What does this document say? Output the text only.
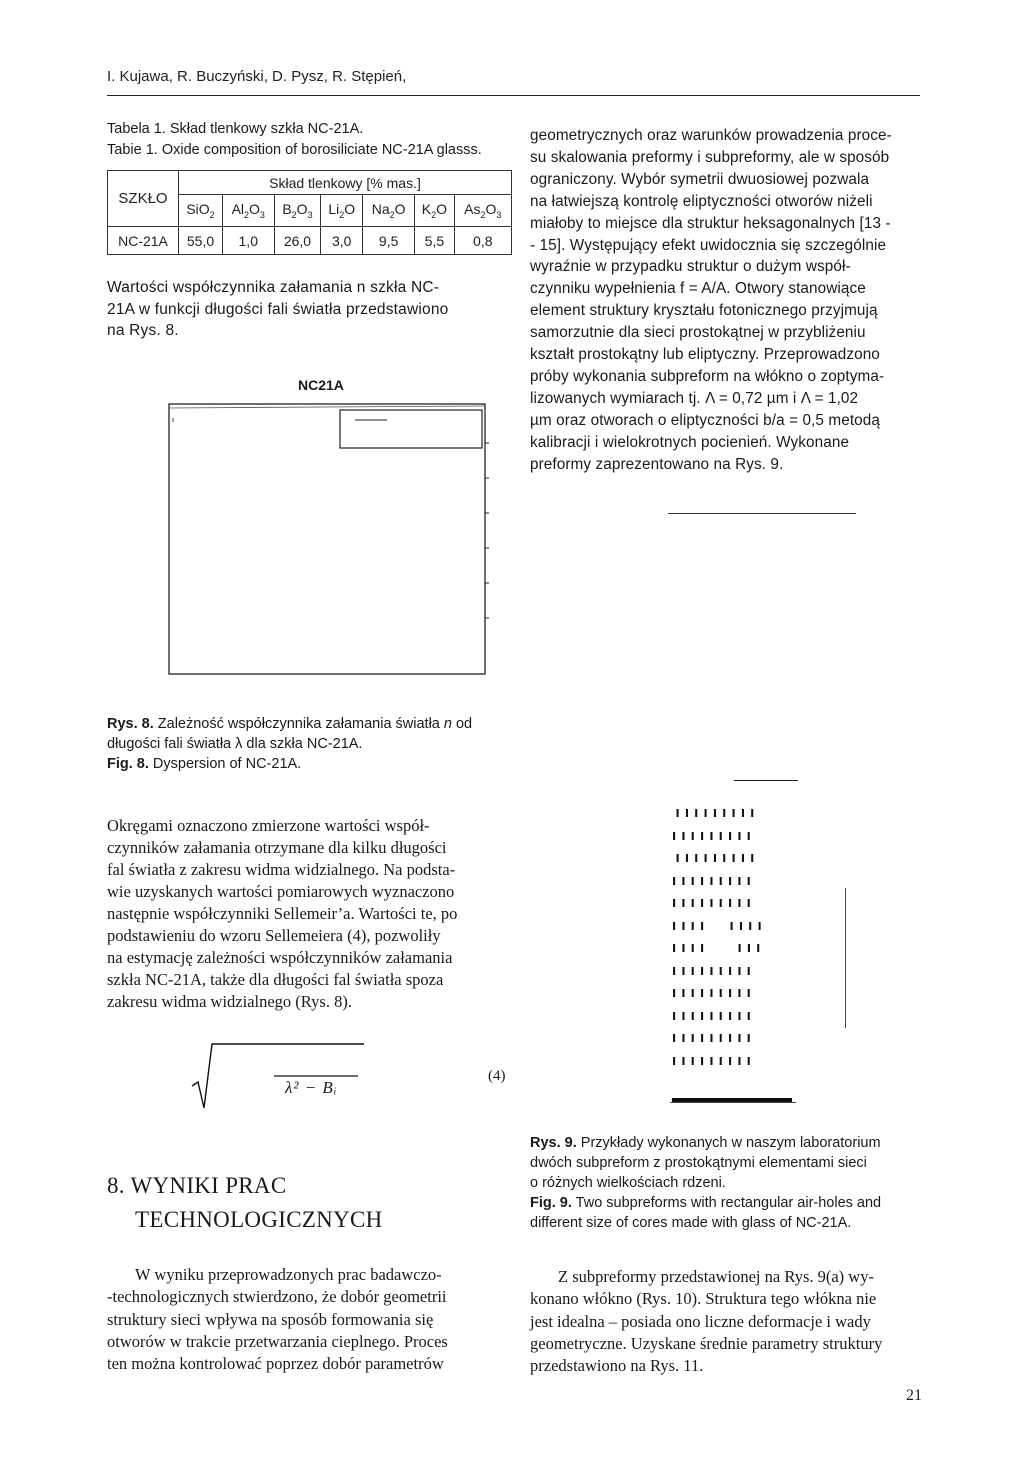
I. Kujawa, R. Buczyński, D. Pysz, R. Stępień,
Tabela 1. Skład tlenkowy szkła NC-21A.
Tabie 1. Oxide composition of borosiliciate NC-21A glasss.
SZKŁO	Skład tlenkowy [% mas.]						
	SiO$_2$	$Al_2O_3$	$B_2O_3$	$Li_2O$	$Na_2O$	$K_2O$	$As_2O_3$
NC-21A	55,0	1,0	26,0	3,0	9,5	5,5	0,8
Wartości współczynnika załamania n szkła NC-
21A w funkcji długości fali światła przedstawiono
na Rys. 8.
NC21A
Rys. 8. Zależność współczynnika załamania światła n od
długości fali światła λ dla szkła NC-21A.
Fig. 8. Dyspersion of NC-21A.
Okręgami oznaczono zmierzone wartości współ-
czynników załamania otrzymane dla kilku długości
fal światła z zakresu widma widzialnego. Na podsta-
wie uzyskanych wartości pomiarowych wyznaczono
następnie współczynniki Sellemeir’a. Wartości te, po
podstawieniu do wzoru Sellemeiera (4), pozwoliły
na estymację zależności współczynników załamania
szkła NC-21A, także dla długości fal światła spoza
zakresu widma widzialnego (Rys. 8).
λ² − Bᵢ
(4)
8. WYNIKI PRAC
TECHNOLOGICZNYCH
W wyniku przeprowadzonych prac badawczo-
-technologicznych stwierdzono, że dobór geometrii
struktury sieci wpływa na sposób formowania się
otworów w trakcie przetwarzania cieplnego. Proces
ten można kontrolować poprzez dobór parametrów
geometrycznych oraz warunków prowadzenia proce-
su skalowania preformy i subpreformy, ale w sposób
ograniczony. Wybór symetrii dwuosiowej pozwala
na łatwiejszą kontrolę eliptyczności otworów niżeli
miałoby to miejsce dla struktur heksagonalnych [13 -
- 15]. Występujący efekt uwidocznia się szczególnie
wyraźnie w przypadku struktur o dużym współ-
czynniku wypełnienia f = A/A. Otwory stanowiące
element struktury kryształu fotonicznego przyjmują
samorzutnie dla sieci prostokątnej w przybliżeniu
kształt prostokątny lub eliptyczny. Przeprowadzono
próby wykonania subpreform na włókno o zoptyma-
lizowanych wymiarach tj. Λ = 0,72 µm i Λ = 1,02
µm oraz otworach o eliptyczności b/a = 0,5 metodą
kalibracji i wielokrotnych pocienień. Wykonane
preformy zaprezentowano na Rys. 9.
 ı ı ı ı ı ı ı ı ı
ı ı ı ı ı ı ı ı ı
 ı ı ı ı ı ı ı ı ı
ı ı ı ı ı ı ı ı ı
ı ı ı ı ı ı ı ı ı
ı ı ı ı   ı ı ı ı
ı ı ı ı    ı ı ı
ı ı ı ı ı ı ı ı ı
ı ı ı ı ı ı ı ı ı
ı ı ı ı ı ı ı ı ı
ı ı ı ı ı ı ı ı ı
ı ı ı ı ı ı ı ı ı
Rys. 9. Przykłady wykonanych w naszym laboratorium
dwóch subpreform z prostokątnymi elementami sieci
o różnych wielkościach rdzeni.
Fig. 9. Two subpreforms with rectangular air-holes and
different size of cores made with glass of NC-21A.
Z subpreformy przedstawionej na Rys. 9(a) wy-
konano włókno (Rys. 10). Struktura tego włókna nie
jest idealna – posiada ono liczne deformacje i wady
geometryczne. Uzyskane średnie parametry struktury
przedstawiono na Rys. 11.
21
